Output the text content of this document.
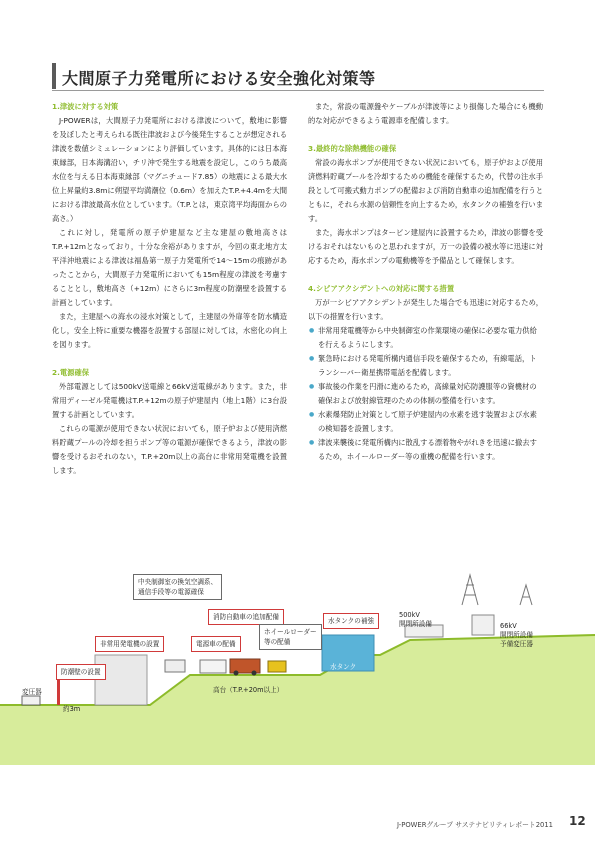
大間原子力発電所における安全強化対策等

1.津波に対する対策

J-POWERは，大間原子力発電所における津波について，敷地に影響を及ぼしたと考えられる既往津波および今後発生することが想定される津波を数値シミュレーションにより評価しています。具体的には日本海東縁部，日本海溝沿い，チリ沖で発生する地震を設定し，このうち最高水位を与える日本海東縁部（マグニチュード7.85）の地震による最大水位上昇量約3.8mに朔望平均満潮位（0.6m）を加えたT.P.+4.4mを大間における津波最高水位としています。（T.P.とは，東京湾平均海面からの高さ。）

これに対し，発電所の原子炉建屋など主な建屋の敷地高さはT.P.+12mとなっており，十分な余裕がありますが，今回の東北地方太平洋沖地震による津波は福島第一原子力発電所で14～15mの痕跡があったことから，大間原子力発電所においても15m程度の津波を考慮することとし，敷地高さ（+12m）にさらに3m程度の防潮壁を設置する計画としています。

また，主建屋への海水の浸水対策として，主建屋の外扉等を防水構造化し，安全上特に重要な機器を設置する部屋に対しては，水密化の向上を図ります。

2.電源確保

外部電源としては500kV送電線と66kV送電線があります。また，非常用ディーゼル発電機はT.P.+12mの原子炉建屋内（地上1階）に3台設置する計画としています。

これらの電源が使用できない状況においても，原子炉および使用済燃料貯蔵プールの冷却を担うポンプ等の電源が確保できるよう，津波の影響を受けるおそれのない，T.P.+20m以上の高台に非常用発電機を設置します。

また，常設の電源盤やケーブルが津波等により損傷した場合にも機動的な対応ができるよう電源車を配備します。

3.最終的な除熱機能の確保

常設の海水ポンプが使用できない状況においても，原子炉および使用済燃料貯蔵プールを冷却するための機能を確保するため，代替の注水手段として可搬式動力ポンプの配備および消防自動車の追加配備を行うとともに，それら水源の信頼性を向上するため，水タンクの補強を行います。

また，海水ポンプはタービン建屋内に設置するため，津波の影響を受けるおそれはないものと思われますが，万一の設備の被水等に迅速に対応するため，海水ポンプの電動機等を予備品として確保します。

4.シビアアクシデントへの対応に関する措置

万が一シビアアクシデントが発生した場合でも迅速に対応するため，以下の措置を行います。

● 非常用発電機等から中央制御室の作業環境の確保に必要な電力供給を行えるようにします。
● 緊急時における発電所構内通信手段を確保するため，有線電話，トランシーバー衛星携帯電話を配備します。
● 事故後の作業を円滑に進めるため，高線量対応防護服等の資機材の確保および放射線管理のための体制の整備を行います。
● 水素爆発防止対策として原子炉建屋内の水素を逃す装置および水素の検知器を設置します。
● 津波来襲後に発電所構内に散乱する漂着物やがれきを迅速に撤去するため，ホイールローダー等の重機の配備を行います。
中央制御室の換気空調系、
通信手段等の電源確保
消防自動車の追加配備
非常用発電機の設置	電源車の配備
ホイールローダー
等の配備
水タンクの補強
水タンク
500kV
開閉所設備	66kV
開閉所設備
予備変圧器
防潮壁の設置
変圧器
約3m
高台（T.P.+20m以上）
J-POWERグループ サステナビリティレポート2011 12
